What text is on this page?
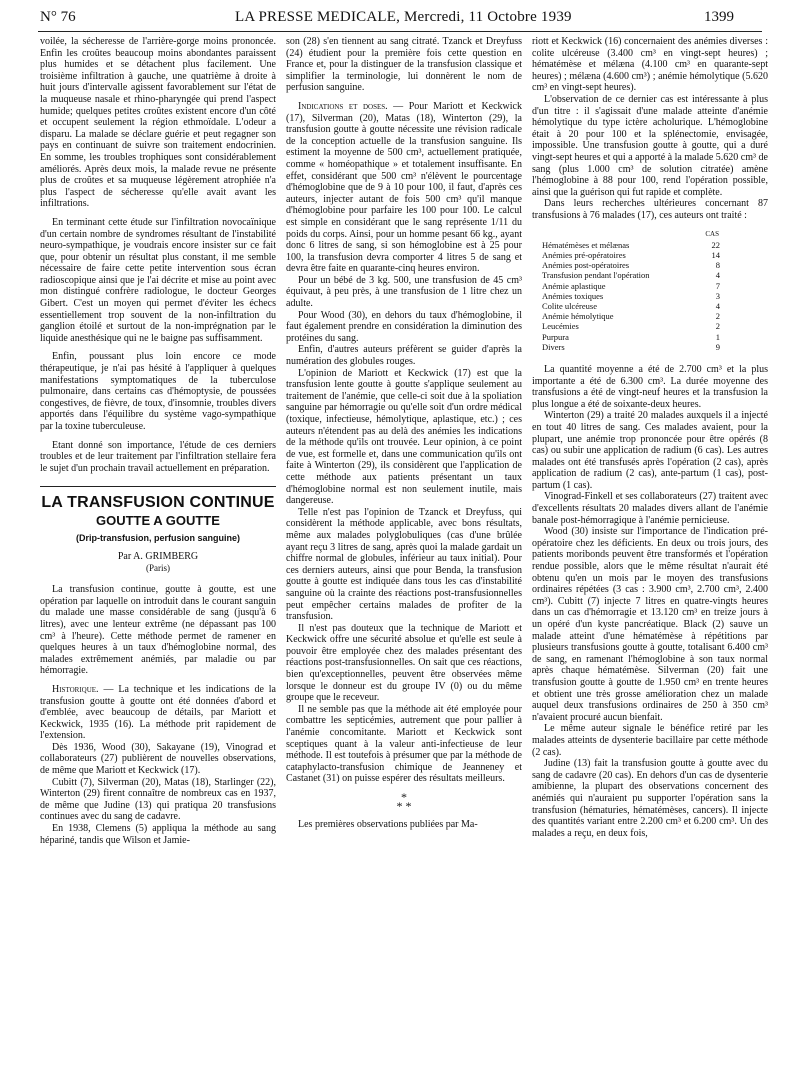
N° 76	LA PRESSE MEDICALE, Mercredi, 11 Octobre 1939	1399

voilée, la sécheresse de l'arrière-gorge moins prononcée. Enfin les croûtes beaucoup moins abondantes paraissent plus humides et se détachent plus facilement. Une troisième infiltration à gauche, une quatrième à droite à huit jours d'intervalle agissent favorablement sur l'état de la muqueuse nasale et rhino-pharyngée qui prend l'aspect humide; quelques petites croûtes existent encore d'un côté et occupent seulement la région ethmoïdale. L'odeur a disparu. La malade se déclare guérie et peut regagner son pays en continuant de suivre son traitement endocrinien. En somme, les troubles trophiques sont considérablement améliorés. Après deux mois, la malade revue ne présente plus de croûtes et sa muqueuse légèrement atrophiée n'a plus l'aspect de sécheresse qu'elle avait avant les infiltrations.

En terminant cette étude sur l'infiltration novocaïnique d'un certain nombre de syndromes résultant de l'instabilité neuro-sympathique, je voudrais encore insister sur ce fait que, pour obtenir un résultat plus constant, il me semble nécessaire de faire cette petite intervention sous écran radioscopique ainsi que je l'ai décrite et mise au point avec mon distingué confrère radiologue, le docteur Georges Gibert. C'est un moyen qui permet d'éviter les échecs essentiellement trop souvent de la non-infiltration du ganglion étoilé et surtout de la non-imprégnation par le liquide anesthésique qui ne le baigne pas suffisamment.

Enfin, poussant plus loin encore ce mode thérapeutique, je n'ai pas hésité à l'appliquer à quelques manifestations symptomatiques de la tuberculose pulmonaire, dans certains cas d'hémoptysie, de poussées congestives, de fièvre, de toux, d'insomnie, troubles divers apportés dans l'équilibre du système vago-sympathique par la toxine tuberculeuse.

Etant donné son importance, l'étude de ces derniers troubles et de leur traitement par l'infiltration stellaire fera le sujet d'un prochain travail actuellement en préparation.

LA TRANSFUSION CONTINUE
GOUTTE A GOUTTE
(Drip-transfusion, perfusion sanguine)
Par A. GRIMBERG
(Paris)

La transfusion continue, goutte à goutte, est une opération par laquelle on introduit dans le courant sanguin du malade une masse considérable de sang (jusqu'à 6 litres), avec une lenteur extrême (ne dépassant pas 100 cm³ à l'heure). Cette méthode permet de ramener en quelques heures à un taux d'hémoglobine normal, des malades extrêmement anémiés, par maladie ou par hémorragie.

Historique. — La technique et les indications de la transfusion goutte à goutte ont été données d'abord et d'emblée, avec beaucoup de détails, par Mariott et Keckwick, 1935 (16). La méthode prit rapidement de l'extension.

Dès 1936, Wood (30), Sakayane (19), Vinograd et collaborateurs (27) publièrent de nouvelles observations, de même que Mariott et Keckwick (17).

Cubitt (7), Silverman (20), Matas (18), Starlinger (22), Winterton (29) firent connaître de nombreux cas en 1937, de même que Judine (13) qui pratiqua 20 transfusions continues avec du sang de cadavre.

En 1938, Clemens (5) appliqua la méthode au sang hépariné, tandis que Wilson et Jamie-

son (28) s'en tiennent au sang citraté. Tzanck et Dreyfuss (24) étudient pour la première fois cette question en France et, pour la distinguer de la transfusion classique et simplifier la terminologie, lui donnèrent le nom de perfusion sanguine.

Indications et doses. — Pour Mariott et Keckwick (17), Silverman (20), Matas (18), Winterton (29), la transfusion goutte à goutte nécessite une révision radicale de la conception actuelle de la transfusion sanguine. Ils estiment la moyenne de 500 cm³, actuellement pratiquée, comme « homéopathique » et totalement insuffisante. En effet, considérant que 500 cm³ n'élèvent le pourcentage d'hémoglobine que de 9 à 10 pour 100, il faut, d'après ces auteurs, injecter autant de fois 500 cm³ qu'il manque d'hémoglobine pour parfaire les 100 pour 100. Le calcul est simple en considérant que le sang représente 1/11 du poids du corps. Ainsi, pour un homme pesant 66 kg., ayant donc 6 litres de sang, si son hémoglobine est à 25 pour 100, la transfusion devra comporter 4 litres 5 de sang et devra être faite en quarante-cinq heures environ.

Pour un bébé de 3 kg. 500, une transfusion de 45 cm³ équivaut, à peu près, à une transfusion de 1 litre chez un adulte.

Pour Wood (30), en dehors du taux d'hémoglobine, il faut également prendre en considération la diminution des protéines du sang.

Enfin, d'autres auteurs préfèrent se guider d'après la numération des globules rouges.

L'opinion de Mariott et Keckwick (17) est que la transfusion lente goutte à goutte s'applique seulement au traitement de l'anémie, que celle-ci soit due à la spoliation sanguine par hémorragie ou qu'elle soit d'un ordre médical (toxique, infectieuse, hémolytique, aplastique, etc.) ; ces auteurs n'étendent pas au delà des anémies les indications de la méthode qu'ils ont trouvée. Leur opinion, à ce point de vue, est formelle et, dans une communication qu'ils ont faite à Winterton (29), ils considèrent que l'application de cette méthode aux patients présentant un taux d'hémoglobine normal est non seulement inutile, mais dangereuse.

Telle n'est pas l'opinion de Tzanck et Dreyfuss, qui considèrent la méthode applicable, avec bons résultats, même aux malades polyglobuliques (cas d'une brûlée ayant reçu 3 litres de sang, après quoi la malade gardait un chiffre normal de globules, inférieur au taux initial). Pour ces derniers auteurs, ainsi que pour Benda, la transfusion goutte à goutte est indiquée dans tous les cas d'instabilité sanguine où la crainte des réactions post-transfusionnelles peut empêcher certains malades de profiter de la transfusion.

Il n'est pas douteux que la technique de Mariott et Keckwick offre une sécurité absolue et qu'elle est seule à pouvoir être employée chez des malades présentant des réactions post-transfusionnelles. On sait que ces réactions, bien qu'exceptionnelles, peuvent être observées même lorsque le donneur est du groupe IV (0) ou du même groupe que le receveur.

Il ne semble pas que la méthode ait été employée pour combattre les septicémies, autrement que pour pallier à l'anémie concomitante. Mariott et Keckwick sont sceptiques quant à la valeur anti-infectieuse de leur méthode. Il est toutefois à présumer que par la méthode de cataphylacto-transfusion chimique de Jeanneney et Castanet (31) on puisse espérer des résultats meilleurs.

*
* *

Les premières observations publiées par Ma-

riott et Keckwick (16) concernaient des anémies diverses : colite ulcéreuse (3.400 cm³ en vingt-sept heures) ; hématémèse et mélæna (4.100 cm³ en quarante-sept heures) ; mélæna (4.600 cm³) ; anémie hémolytique (5.620 cm³ en vingt-sept heures).

L'observation de ce dernier cas est intéressante à plus d'un titre : il s'agissait d'une malade atteinte d'anémie hémolytique du type ictère acholurique. L'hémoglobine était à 20 pour 100 et la splénectomie, envisagée, impossible. Une transfusion goutte à goutte, qui a duré vingt-sept heures et qui a apporté à la malade 5.620 cm³ de sang (plus 1.000 cm³ de solution citratée) amène l'hémoglobine à 88 pour 100, rend l'opération possible, ainsi que la guérison qui fut rapide et complète.

Dans leurs recherches ultérieures concernant 87 transfusions à 76 malades (17), ces auteurs ont traité :

	CAS
Hématémèses et mélænas	22
Anémies pré-opératoires	14
Anémies post-opératoires	8
Transfusion pendant l'opération	4
Anémie aplastique	7
Anémies toxiques	3
Colite ulcéreuse	4
Anémie hémolytique	2
Leucémies	2
Purpura	1
Divers	9

La quantité moyenne a été de 2.700 cm³ et la plus importante a été de 6.300 cm³. La durée moyenne des transfusions a été de vingt-neuf heures et la transfusion la plus longue a été de soixante-deux heures.

Winterton (29) a traité 20 malades auxquels il a injecté en tout 40 litres de sang. Ces malades avaient, pour la plupart, une anémie trop prononcée pour être opérés (8 cas) ou subir une application de radium (6 cas). Les autres malades ont été transfusés après l'opération (2 cas), après application de radium (2 cas), ante-partum (1 cas), post-partum (1 cas).

Vinograd-Finkell et ses collaborateurs (27) traitent avec d'excellents résultats 20 malades divers allant de l'anémie banale post-hémorragique à l'anémie pernicieuse.

Wood (30) insiste sur l'importance de l'indication pré-opératoire chez les déficients. En deux ou trois jours, des patients moribonds peuvent être transformés et l'opération rendue possible, alors que le même résultat n'aurait été obtenu qu'en un mois par le moyen des transfusions ordinaires répétées (3 cas : 3.900 cm³, 2.700 cm³, 2.400 cm³). Cubitt (7) injecte 7 litres en quatre-vingts heures dans un cas d'hémorragie et 13.120 cm³ en treize jours à un opéré d'un kyste pancréatique. Black (2) sauve un malade atteint d'une hématémèse à répétitions par plusieurs transfusions goutte à goutte, totalisant 6.400 cm³ de sang, en ramenant l'hémoglobine à son taux normal après chaque hématémèse. Silverman (20) fait une transfusion goutte à goutte de 1.950 cm³ en trente heures et obtient une très grosse amélioration chez un malade auquel deux transfusions ordinaires de 250 à 350 cm³ n'avaient procuré aucun bienfait.

Le même auteur signale le bénéfice retiré par les malades atteints de dysenterie bacillaire par cette méthode (2 cas).

Judine (13) fait la transfusion goutte à goutte avec du sang de cadavre (20 cas). En dehors d'un cas de dysenterie amibienne, la plupart des observations concernent des anémiés qui n'auraient pu supporter l'opération sans la transfusion (hématuries, hématémèses, cancers). Il injecte des quantités variant entre 2.200 cm³ et 6.200 cm³. Un des malades a reçu, en deux fois,
